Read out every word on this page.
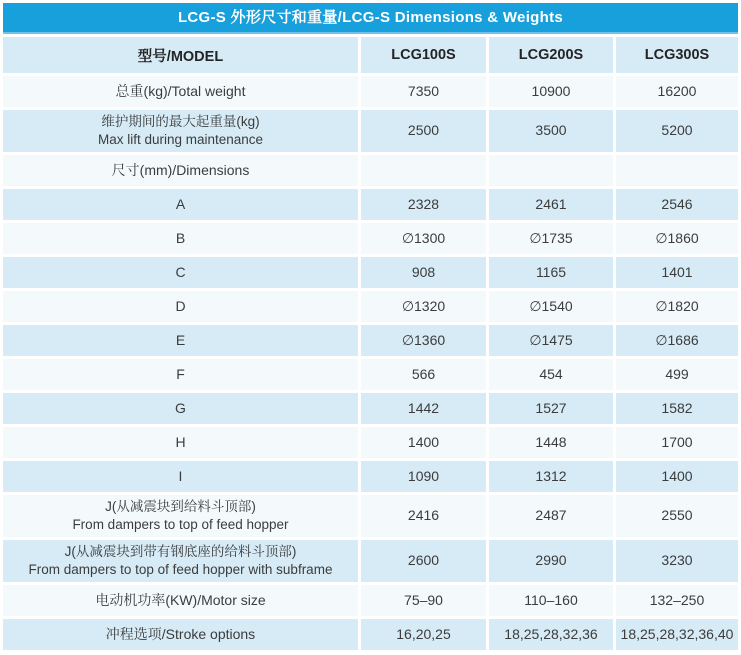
LCG-S 外形尺寸和重量/LCG-S Dimensions & Weights
型号/MODEL	LCG100S	LCG200S	LCG300S
总重(kg)/Total weight	7350	10900	16200

维护期间的最大起重量(kg)
Max lift during maintenance	2500	3500	5200
尺寸(mm)/Dimensions			
A	2328	2461	2546
B	∅1300	∅1735	∅1860
C	908	1165	1401
D	∅1320	∅1540	∅1820
E	∅1360	∅1475	∅1686
F	566	454	499
G	1442	1527	1582
H	1400	1448	1700
I	1090	1312	1400

J(从减震块到给料斗顶部)
From dampers to top of feed hopper	2416	2487	2550

J(从减震块到带有钢底座的给料斗顶部)
From dampers to top of feed hopper with subframe	2600	2990	3230
电动机功率(KW)/Motor size	75–90	110–160	132–250
冲程选项/Stroke options	16,20,25	18,25,28,32,36	18,25,28,32,36,40
